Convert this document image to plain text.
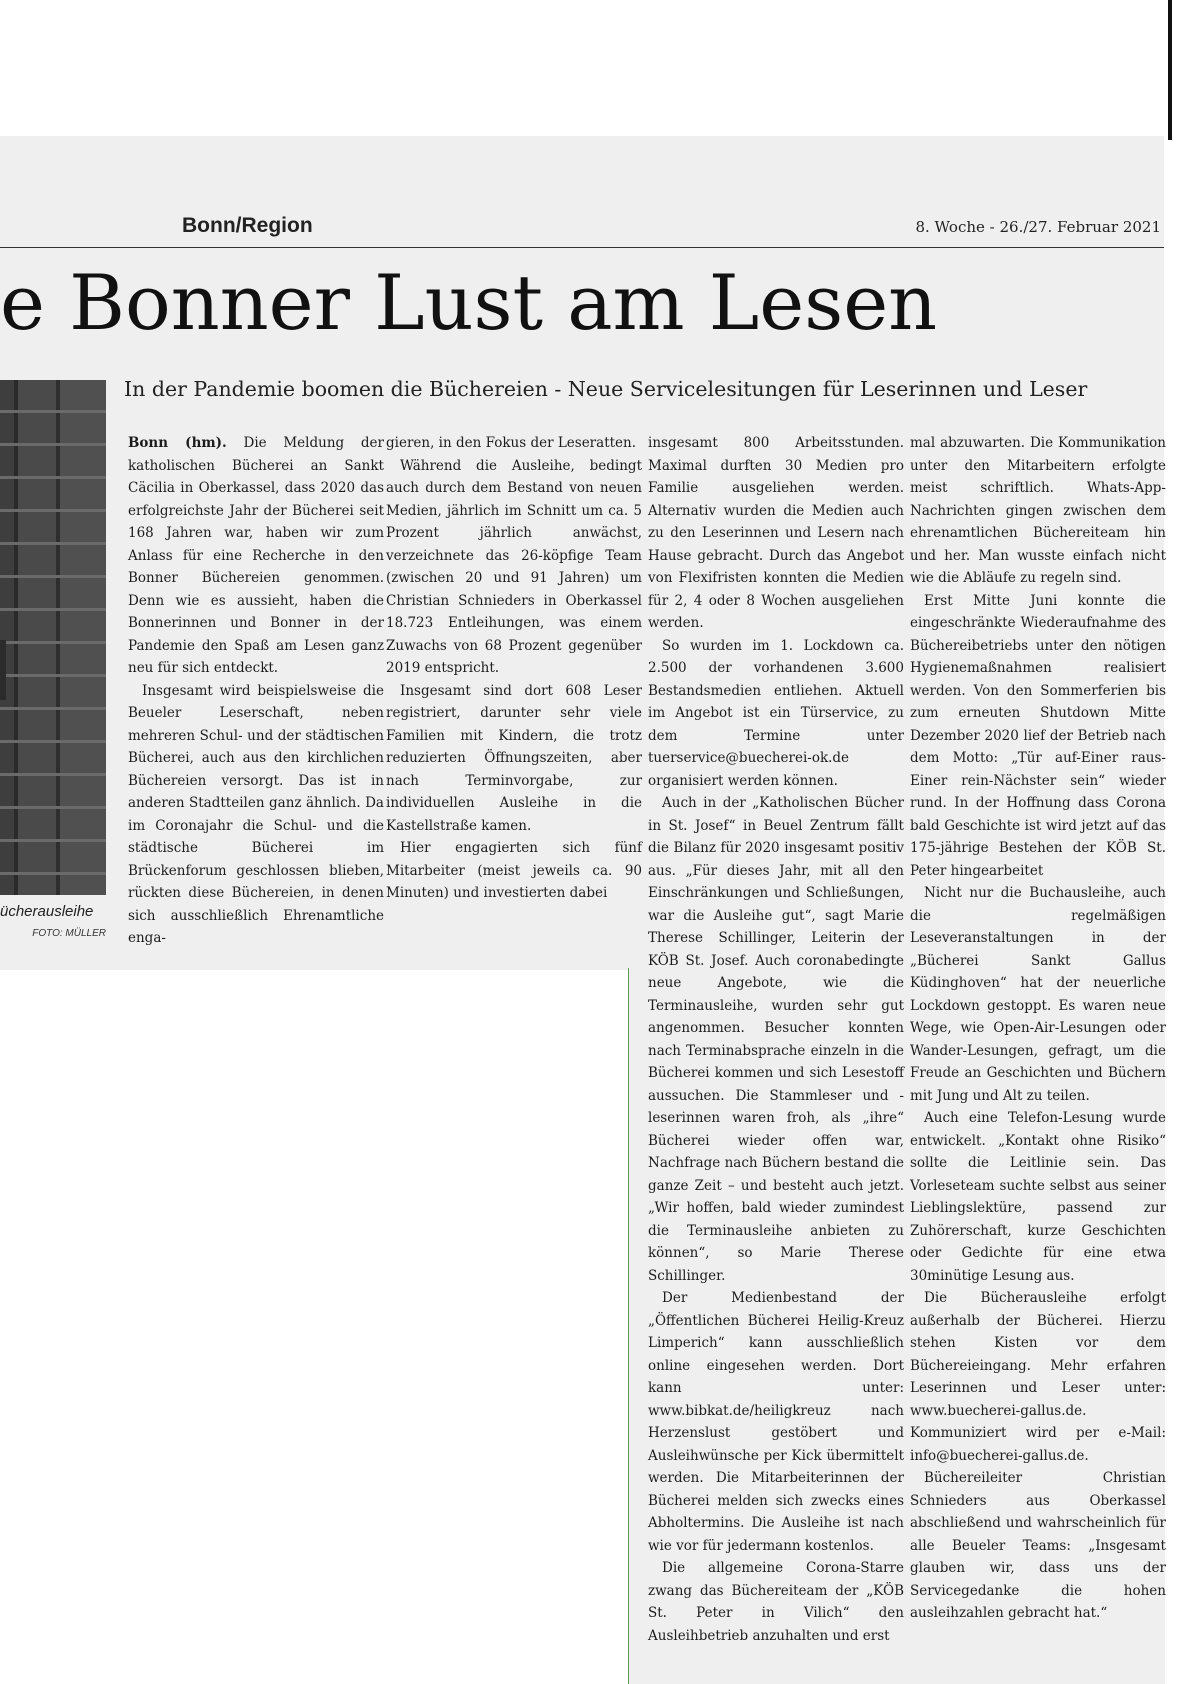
Bonn/Region	8. Woche - 26./27. Februar 2021
e Bonner Lust am Lesen
In der Pandemie boomen die Büchereien - Neue Servicelesitungen für Leserinnen und Leser
ücherausleihe
FOTO: MÜLLER

Bonn (hm). Die Meldung der katholischen Bücherei an Sankt Cäcilia in Oberkassel, dass 2020 das erfolgreichste Jahr der Bücherei seit 168 Jahren war, haben wir zum Anlass für eine Recherche in den Bonner Büchereien genommen. Denn wie es aussieht, haben die Bonnerinnen und Bonner in der Pandemie den Spaß am Lesen ganz neu für sich entdeckt.

Insgesamt wird beispielsweise die Beueler Leserschaft, neben mehreren Schul- und der städtischen Bücherei, auch aus den kirchlichen Büchereien versorgt. Das ist in anderen Stadtteilen ganz ähnlich. Da im Coronajahr die Schul- und die städtische Bücherei im Brückenforum geschlossen blieben, rückten diese Büchereien, in denen sich ausschließlich Ehrenamtliche enga-

gieren, in den Fokus der Leseratten.

Während die Ausleihe, bedingt auch durch dem Bestand von neuen Medien, jährlich im Schnitt um ca. 5 Prozent jährlich anwächst, verzeichnete das 26-köpfige Team (zwischen 20 und 91 Jahren) um Christian Schnieders in Oberkassel 18.723 Entleihungen, was einem Zuwachs von 68 Prozent gegenüber 2019 entspricht.

Insgesamt sind dort 608 Leser registriert, darunter sehr viele Familien mit Kindern, die trotz reduzierten Öffnungszeiten, aber nach Terminvorgabe, zur individuellen Ausleihe in die Kastellstraße kamen.

Hier engagierten sich fünf Mitarbeiter (meist jeweils ca. 90 Minuten) und investierten dabei

insgesamt 800 Arbeitsstunden. Maximal durften 30 Medien pro Familie ausgeliehen werden. Alternativ wurden die Medien auch zu den Leserinnen und Lesern nach Hause gebracht. Durch das Angebot von Flexifristen konnten die Medien für 2, 4 oder 8 Wochen ausgeliehen werden.

So wurden im 1. Lockdown ca. 2.500 der vorhandenen 3.600 Bestandsmedien entliehen. Aktuell im Angebot ist ein Türservice, zu dem Termine unter tuerservice@buecherei-ok.de organisiert werden können.

Auch in der „Katholischen Bücher in St. Josef“ in Beuel Zentrum fällt die Bilanz für 2020 insgesamt positiv aus. „Für dieses Jahr, mit all den Einschränkungen und Schließungen, war die Ausleihe gut“, sagt Marie Therese Schillinger, Leiterin der KÖB St. Josef. Auch coronabedingte neue Angebote, wie die Terminausleihe, wurden sehr gut angenommen. Besucher konnten nach Terminabsprache einzeln in die Bücherei kommen und sich Lesestoff aussuchen. Die Stammleser und -leserinnen waren froh, als „ihre“ Bücherei wieder offen war, Nachfrage nach Büchern bestand die ganze Zeit – und besteht auch jetzt. „Wir hoffen, bald wieder zumindest die Terminausleihe anbieten zu können“, so Marie Therese Schillinger.

Der Medienbestand der „Öffentlichen Bücherei Heilig-Kreuz Limperich“ kann ausschließlich online eingesehen werden. Dort kann unter: www.bibkat.de/heiligkreuz nach Herzenslust gestöbert und Ausleihwünsche per Kick übermittelt werden. Die Mitarbeiterinnen der Bücherei melden sich zwecks eines Abholtermins. Die Ausleihe ist nach wie vor für jedermann kostenlos.

Die allgemeine Corona-Starre zwang das Büchereiteam der „KÖB St. Peter in Vilich“ den Ausleihbetrieb anzuhalten und erst

mal abzuwarten. Die Kommunikation unter den Mitarbeitern erfolgte meist schriftlich. Whats-App-Nachrichten gingen zwischen dem ehrenamtlichen Büchereiteam hin und her. Man wusste einfach nicht wie die Abläufe zu regeln sind.

Erst Mitte Juni konnte die eingeschränkte Wiederaufnahme des Büchereibetriebs unter den nötigen Hygienemaßnahmen realisiert werden. Von den Sommerferien bis zum erneuten Shutdown Mitte Dezember 2020 lief der Betrieb nach dem Motto: „Tür auf-Einer raus-Einer rein-Nächster sein“ wieder rund. In der Hoffnung dass Corona bald Geschichte ist wird jetzt auf das 175-jährige Bestehen der KÖB St. Peter hingearbeitet

Nicht nur die Buchausleihe, auch die regelmäßigen Leseveranstaltungen in der „Bücherei Sankt Gallus Küdinghoven“ hat der neuerliche Lockdown gestoppt. Es waren neue Wege, wie Open-Air-Lesungen oder Wander-Lesungen, gefragt, um die Freude an Geschichten und Büchern mit Jung und Alt zu teilen.

Auch eine Telefon-Lesung wurde entwickelt. „Kontakt ohne Risiko“ sollte die Leitlinie sein. Das Vorleseteam suchte selbst aus seiner Lieblingslektüre, passend zur Zuhörerschaft, kurze Geschichten oder Gedichte für eine etwa 30minütige Lesung aus.

Die Bücherausleihe erfolgt außerhalb der Bücherei. Hierzu stehen Kisten vor dem Büchereieingang. Mehr erfahren Leserinnen und Leser unter: www.buecherei-gallus.de. Kommuniziert wird per e-Mail: info@buecherei-gallus.de.

Büchereileiter Christian Schnieders aus Oberkassel abschließend und wahrscheinlich für alle Beueler Teams: „Insgesamt glauben wir, dass uns der Servicegedanke die hohen ausleihzahlen gebracht hat.“
